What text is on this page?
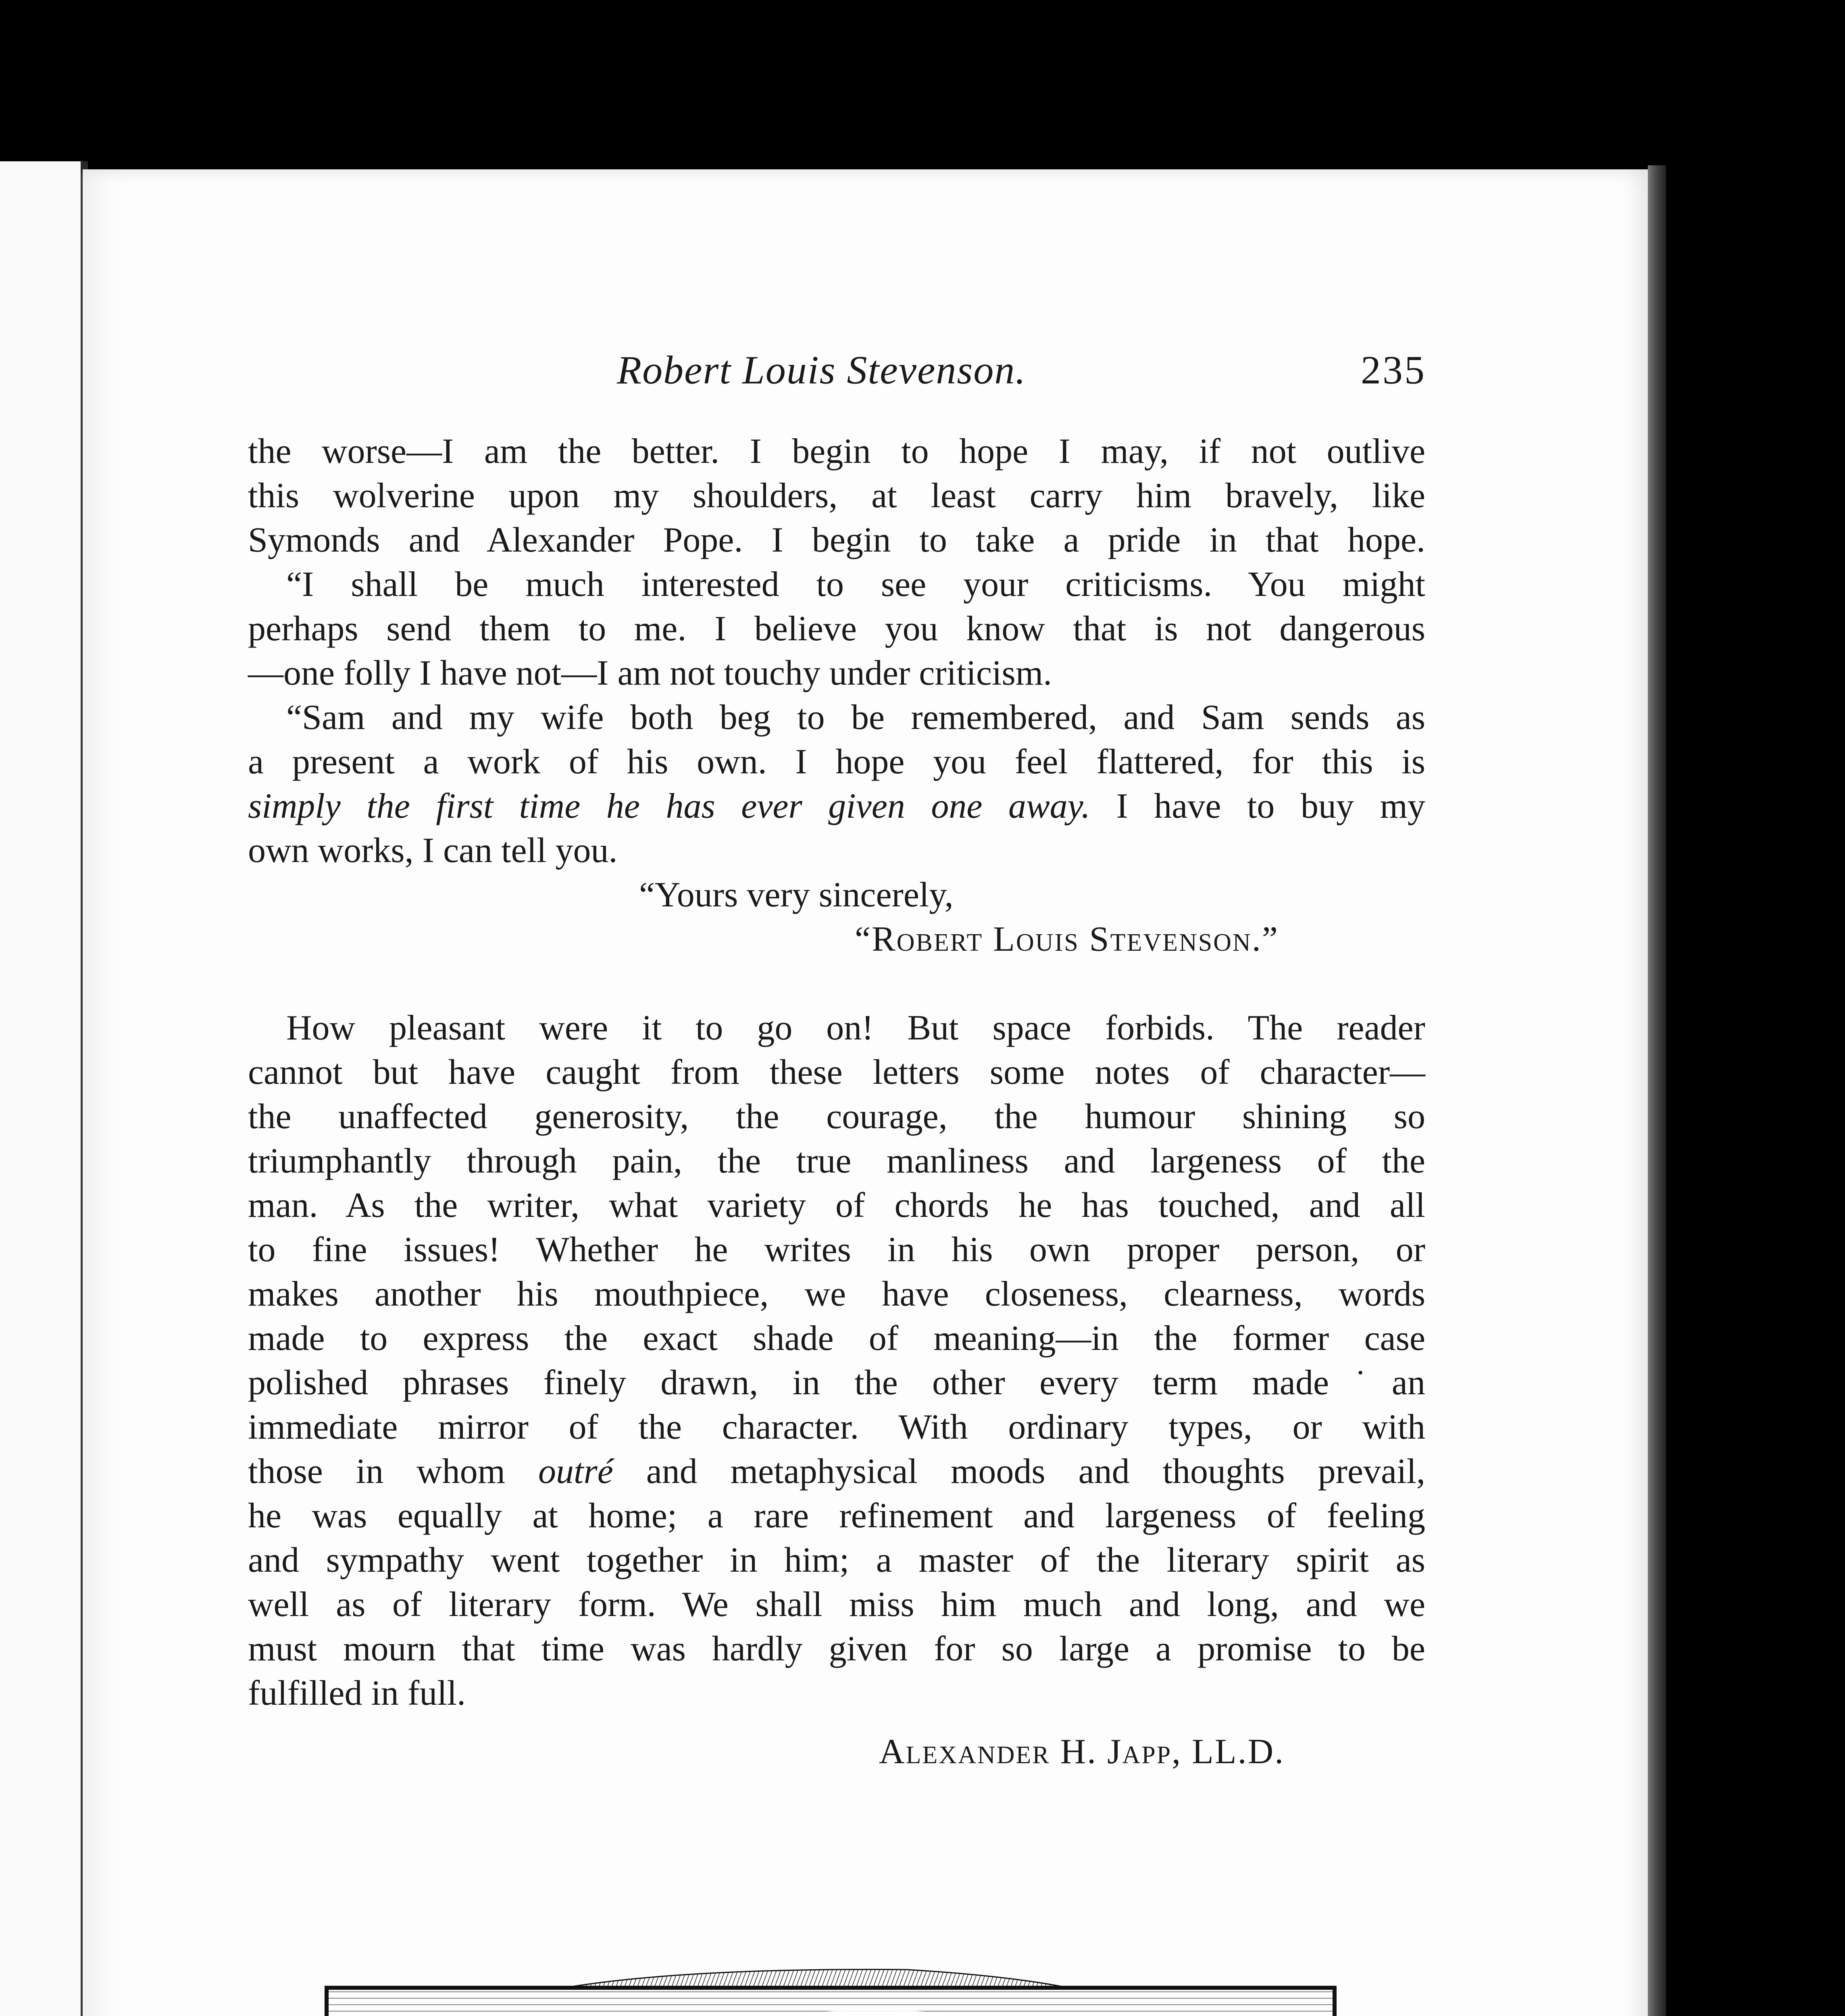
Robert Louis Stevenson.	235
the worse—I am the better. I begin to hope I may, if not outlive
this wolverine upon my shoulders, at least carry him bravely, like
Symonds and Alexander Pope. I begin to take a pride in that hope.
“I shall be much interested to see your criticisms. You might
perhaps send them to me. I believe you know that is not dangerous
—one folly I have not—I am not touchy under criticism.
“Sam and my wife both beg to be remembered, and Sam sends as
a present a work of his own. I hope you feel flattered, for this is
simply the first time he has ever given one away. I have to buy my
own works, I can tell you.
“Yours very sincerely,
“Robert Louis Stevenson.”
How pleasant were it to go on! But space forbids. The reader
cannot but have caught from these letters some notes of character—
the unaffected generosity, the courage, the humour shining so
triumphantly through pain, the true manliness and largeness of the
man. As the writer, what variety of chords he has touched, and all
to fine issues! Whether he writes in his own proper person, or
makes another his mouthpiece, we have closeness, clearness, words
made to express the exact shade of meaning—in the former case
polished phrases finely drawn, in the other every term made˙an
immediate mirror of the character. With ordinary types, or with
those in whom outré and metaphysical moods and thoughts prevail,
he was equally at home; a rare refinement and largeness of feeling
and sympathy went together in him; a master of the literary spirit as
well as of literary form. We shall miss him much and long, and we
must mourn that time was hardly given for so large a promise to be
fulfilled in full.
Alexander H. Japp, LL.D.
